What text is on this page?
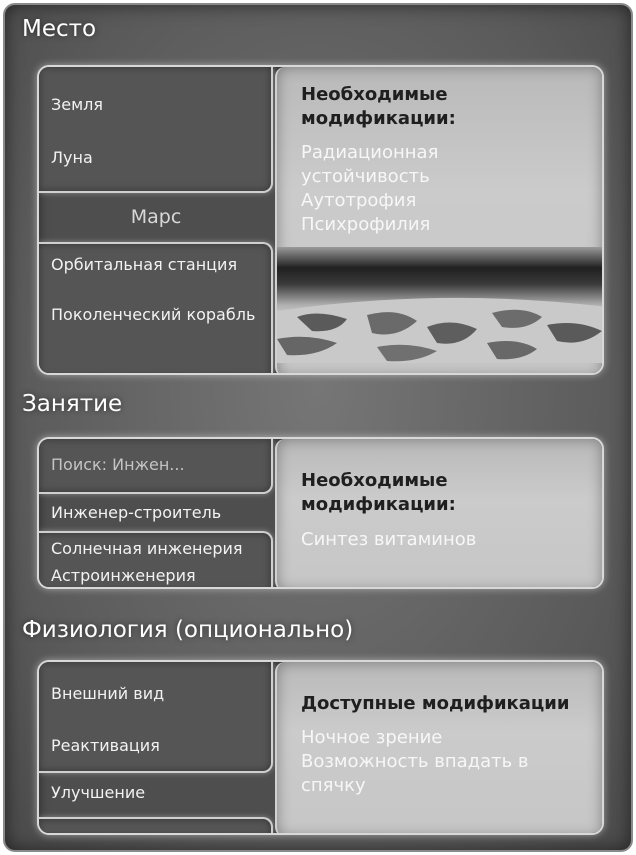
Место
Земля
Луна
Марс
Орбитальная станция
Поколенческий корабль
Необходимые модификации:
Радиационная устойчивость
Аутотрофия
Психрофилия
Занятие
Поиск: Инжен...
Инженер-строитель
Солнечная инженерия
Астроинженерия
Необходимые модификации:
Синтез витаминов
Физиология (опционально)
Внешний вид
Реактивация
Улучшение
Доступные модификации
Ночное зрение
Возможность впадать в спячку
